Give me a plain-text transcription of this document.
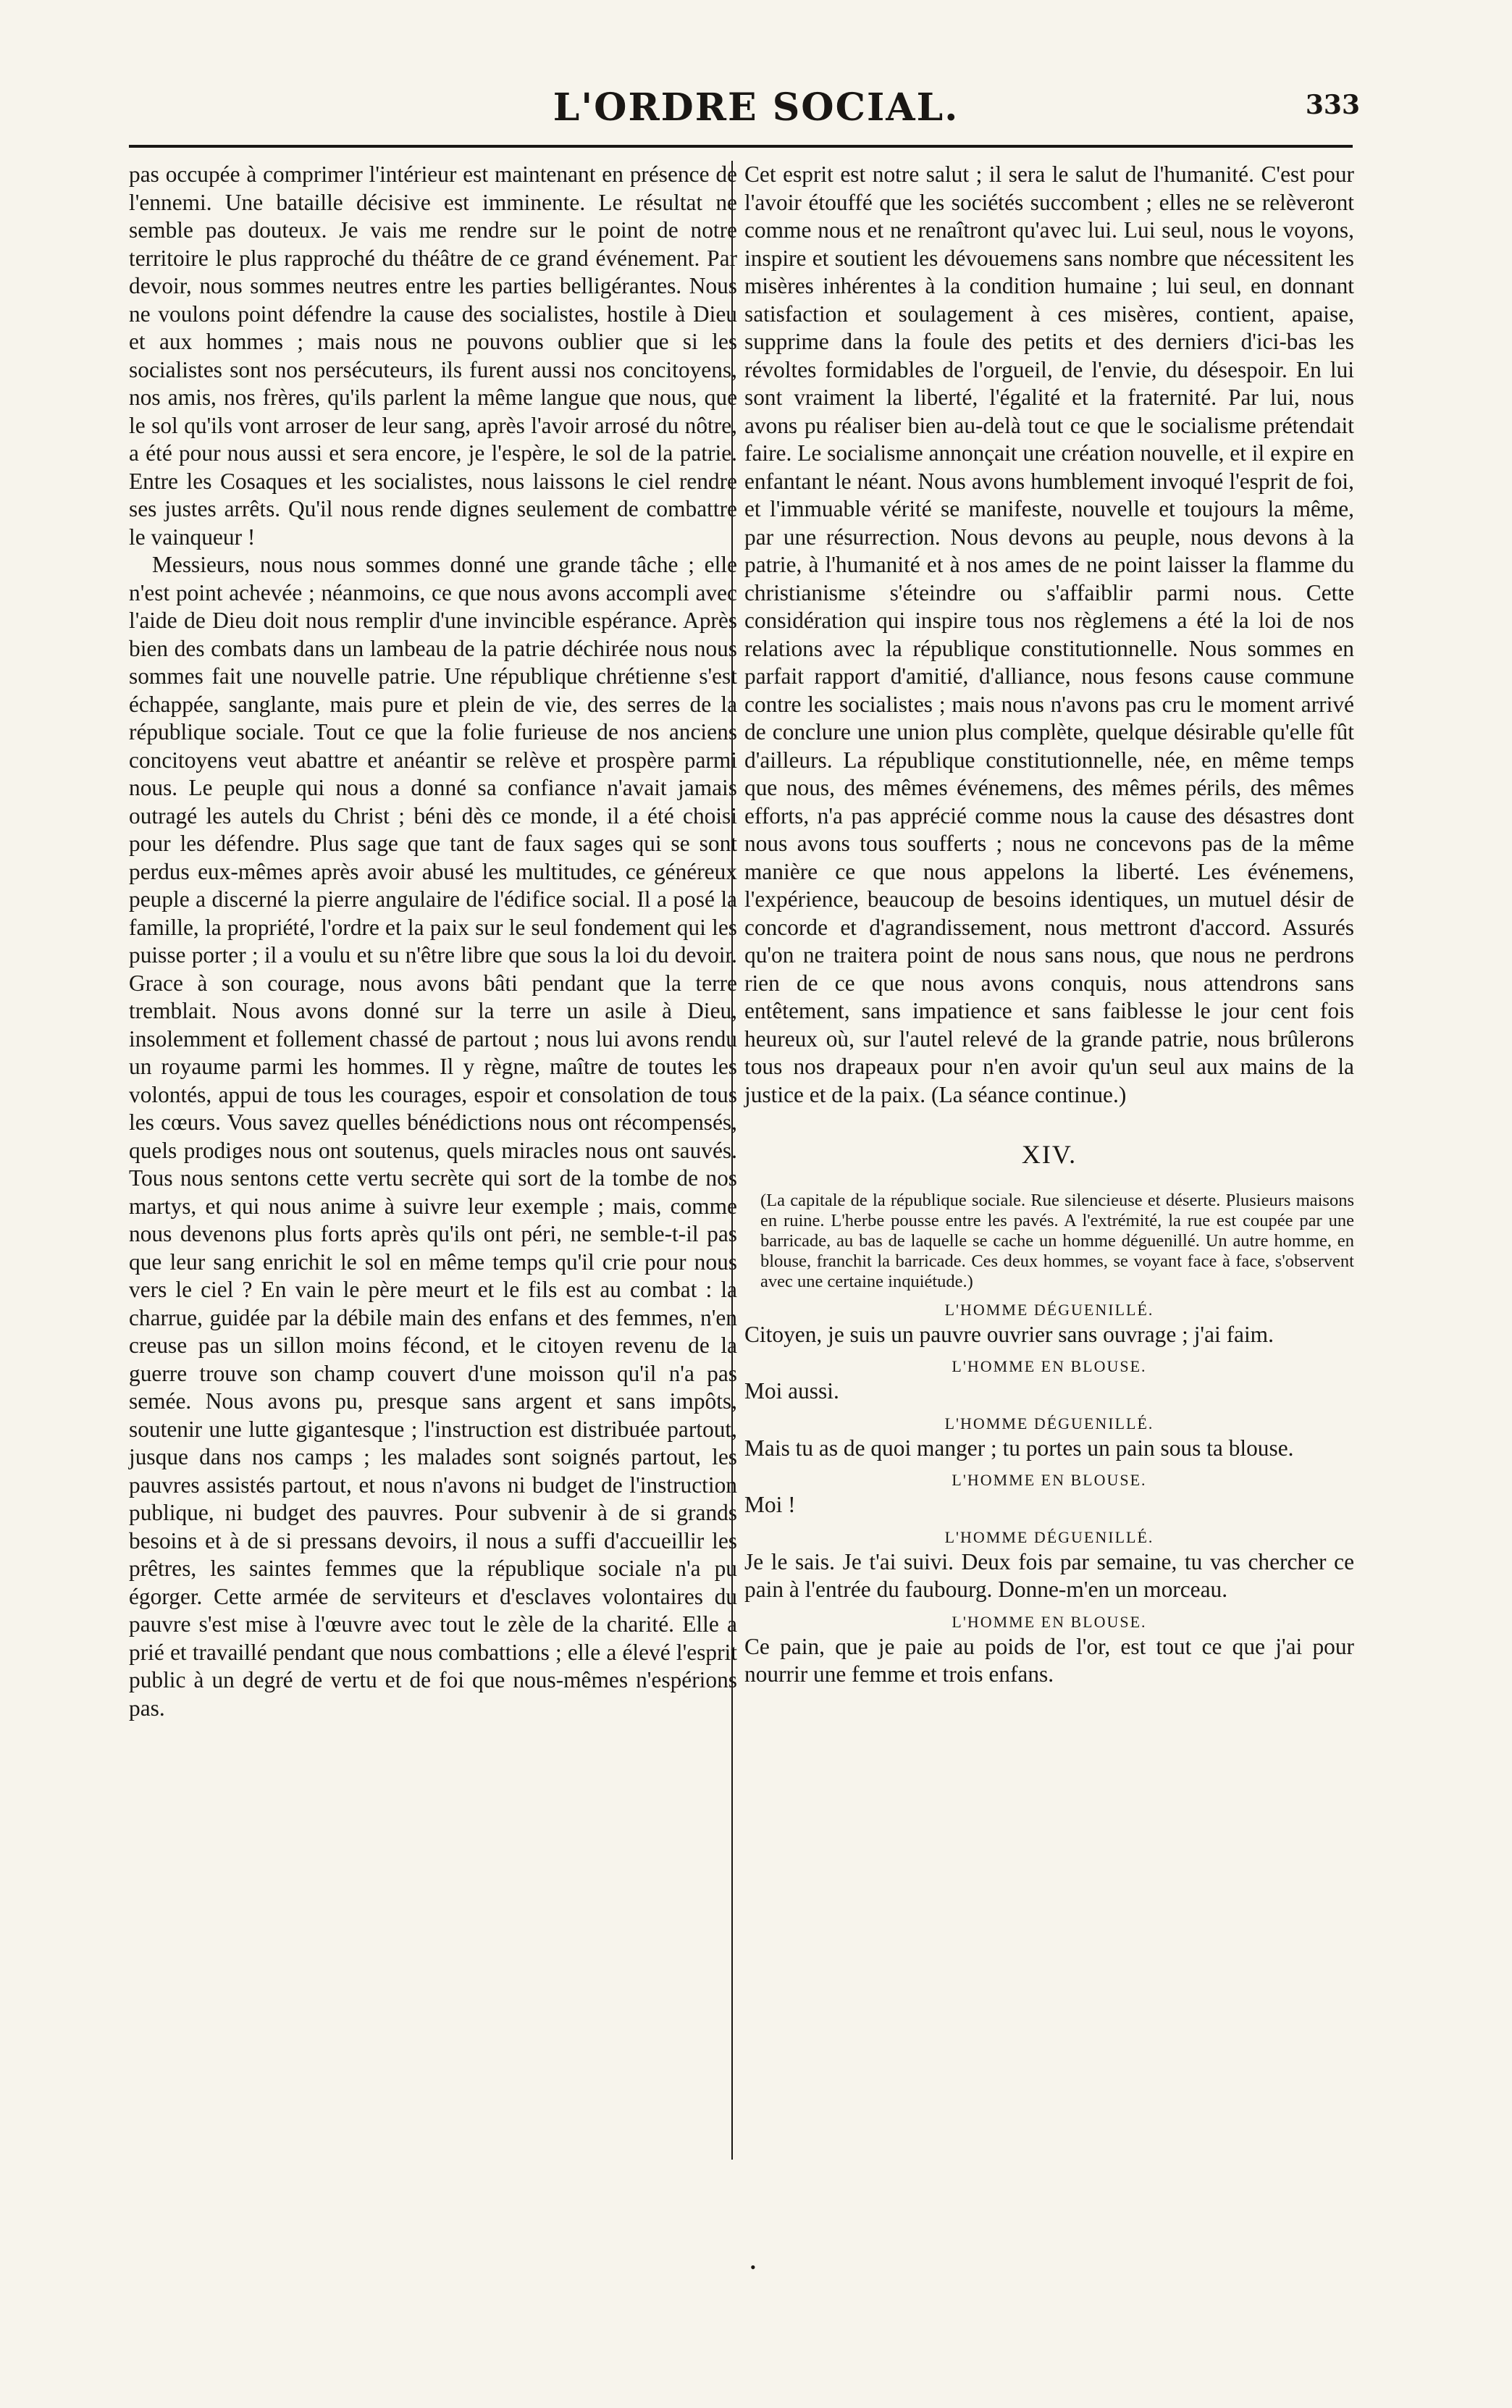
L'ORDRE SOCIAL.	333

pas occupée à comprimer l'intérieur est maintenant en présence de l'ennemi. Une bataille décisive est imminente. Le résultat ne semble pas douteux. Je vais me rendre sur le point de notre territoire le plus rapproché du théâtre de ce grand événement. Par devoir, nous sommes neutres entre les parties belligérantes. Nous ne voulons point défendre la cause des socialistes, hostile à Dieu et aux hommes ; mais nous ne pouvons oublier que si les socialistes sont nos persécuteurs, ils furent aussi nos concitoyens, nos amis, nos frères, qu'ils parlent la même langue que nous, que le sol qu'ils vont arroser de leur sang, après l'avoir arrosé du nôtre, a été pour nous aussi et sera encore, je l'espère, le sol de la patrie. Entre les Cosaques et les socialistes, nous laissons le ciel rendre ses justes arrêts. Qu'il nous rende dignes seulement de combattre le vainqueur !

Messieurs, nous nous sommes donné une grande tâche ; elle n'est point achevée ; néanmoins, ce que nous avons accompli avec l'aide de Dieu doit nous remplir d'une invincible espérance. Après bien des combats dans un lambeau de la patrie déchirée nous nous sommes fait une nouvelle patrie. Une république chrétienne s'est échappée, sanglante, mais pure et plein de vie, des serres de la république sociale. Tout ce que la folie furieuse de nos anciens concitoyens veut abattre et anéantir se relève et prospère parmi nous. Le peuple qui nous a donné sa confiance n'avait jamais outragé les autels du Christ ; béni dès ce monde, il a été choisi pour les défendre. Plus sage que tant de faux sages qui se sont perdus eux-mêmes après avoir abusé les multitudes, ce généreux peuple a discerné la pierre angulaire de l'édifice social. Il a posé la famille, la propriété, l'ordre et la paix sur le seul fondement qui les puisse porter ; il a voulu et su n'être libre que sous la loi du devoir. Grace à son courage, nous avons bâti pendant que la terre tremblait. Nous avons donné sur la terre un asile à Dieu, insolemment et follement chassé de partout ; nous lui avons rendu un royaume parmi les hommes. Il y règne, maître de toutes les volontés, appui de tous les courages, espoir et consolation de tous les cœurs. Vous savez quelles bénédictions nous ont récompensés, quels prodiges nous ont soutenus, quels miracles nous ont sauvés. Tous nous sentons cette vertu secrète qui sort de la tombe de nos martys, et qui nous anime à suivre leur exemple ; mais, comme nous devenons plus forts après qu'ils ont péri, ne semble-t-il pas que leur sang enrichit le sol en même temps qu'il crie pour nous vers le ciel ? En vain le père meurt et le fils est au combat : la charrue, guidée par la débile main des enfans et des femmes, n'en creuse pas un sillon moins fécond, et le citoyen revenu de la guerre trouve son champ couvert d'une moisson qu'il n'a pas semée. Nous avons pu, presque sans argent et sans impôts, soutenir une lutte gigantesque ; l'instruction est distribuée partout, jusque dans nos camps ; les malades sont soignés partout, les pauvres assistés partout, et nous n'avons ni budget de l'instruction publique, ni budget des pauvres. Pour subvenir à de si grands besoins et à de si pressans devoirs, il nous a suffi d'accueillir les prêtres, les saintes femmes que la république sociale n'a pu égorger. Cette armée de serviteurs et d'esclaves volontaires du pauvre s'est mise à l'œuvre avec tout le zèle de la charité. Elle a prié et travaillé pendant que nous combattions ; elle a élevé l'esprit public à un degré de vertu et de foi que nous-mêmes n'espérions pas.

Cet esprit est notre salut ; il sera le salut de l'humanité. C'est pour l'avoir étouffé que les sociétés succombent ; elles ne se relèveront comme nous et ne renaîtront qu'avec lui. Lui seul, nous le voyons, inspire et soutient les dévouemens sans nombre que nécessitent les misères inhérentes à la condition humaine ; lui seul, en donnant satisfaction et soulagement à ces misères, contient, apaise, supprime dans la foule des petits et des derniers d'ici-bas les révoltes formidables de l'orgueil, de l'envie, du désespoir. En lui sont vraiment la liberté, l'égalité et la fraternité. Par lui, nous avons pu réaliser bien au-delà tout ce que le socialisme prétendait faire. Le socialisme annonçait une création nouvelle, et il expire en enfantant le néant. Nous avons humblement invoqué l'esprit de foi, et l'immuable vérité se manifeste, nouvelle et toujours la même, par une résurrection. Nous devons au peuple, nous devons à la patrie, à l'humanité et à nos ames de ne point laisser la flamme du christianisme s'éteindre ou s'affaiblir parmi nous. Cette considération qui inspire tous nos règlemens a été la loi de nos relations avec la république constitutionnelle. Nous sommes en parfait rapport d'amitié, d'alliance, nous fesons cause commune contre les socialistes ; mais nous n'avons pas cru le moment arrivé de conclure une union plus complète, quelque désirable qu'elle fût d'ailleurs. La république constitutionnelle, née, en même temps que nous, des mêmes événemens, des mêmes périls, des mêmes efforts, n'a pas apprécié comme nous la cause des désastres dont nous avons tous soufferts ; nous ne concevons pas de la même manière ce que nous appelons la liberté. Les événemens, l'expérience, beaucoup de besoins identiques, un mutuel désir de concorde et d'agrandissement, nous mettront d'accord. Assurés qu'on ne traitera point de nous sans nous, que nous ne perdrons rien de ce que nous avons conquis, nous attendrons sans entêtement, sans impatience et sans faiblesse le jour cent fois heureux où, sur l'autel relevé de la grande patrie, nous brûlerons tous nos drapeaux pour n'en avoir qu'un seul aux mains de la justice et de la paix. (La séance continue.)

XIV.

(La capitale de la république sociale. Rue silencieuse et déserte. Plusieurs maisons en ruine. L'herbe pousse entre les pavés. A l'extrémité, la rue est coupée par une barricade, au bas de laquelle se cache un homme déguenillé. Un autre homme, en blouse, franchit la barricade. Ces deux hommes, se voyant face à face, s'observent avec une certaine inquiétude.)

L'HOMME DÉGUENILLÉ.

Citoyen, je suis un pauvre ouvrier sans ouvrage ; j'ai faim.

L'HOMME EN BLOUSE.

Moi aussi.

L'HOMME DÉGUENILLÉ.

Mais tu as de quoi manger ; tu portes un pain sous ta blouse.

L'HOMME EN BLOUSE.

Moi !

L'HOMME DÉGUENILLÉ.

Je le sais. Je t'ai suivi. Deux fois par semaine, tu vas chercher ce pain à l'entrée du faubourg. Donne-m'en un morceau.

L'HOMME EN BLOUSE.

Ce pain, que je paie au poids de l'or, est tout ce que j'ai pour nourrir une femme et trois enfans.

•
